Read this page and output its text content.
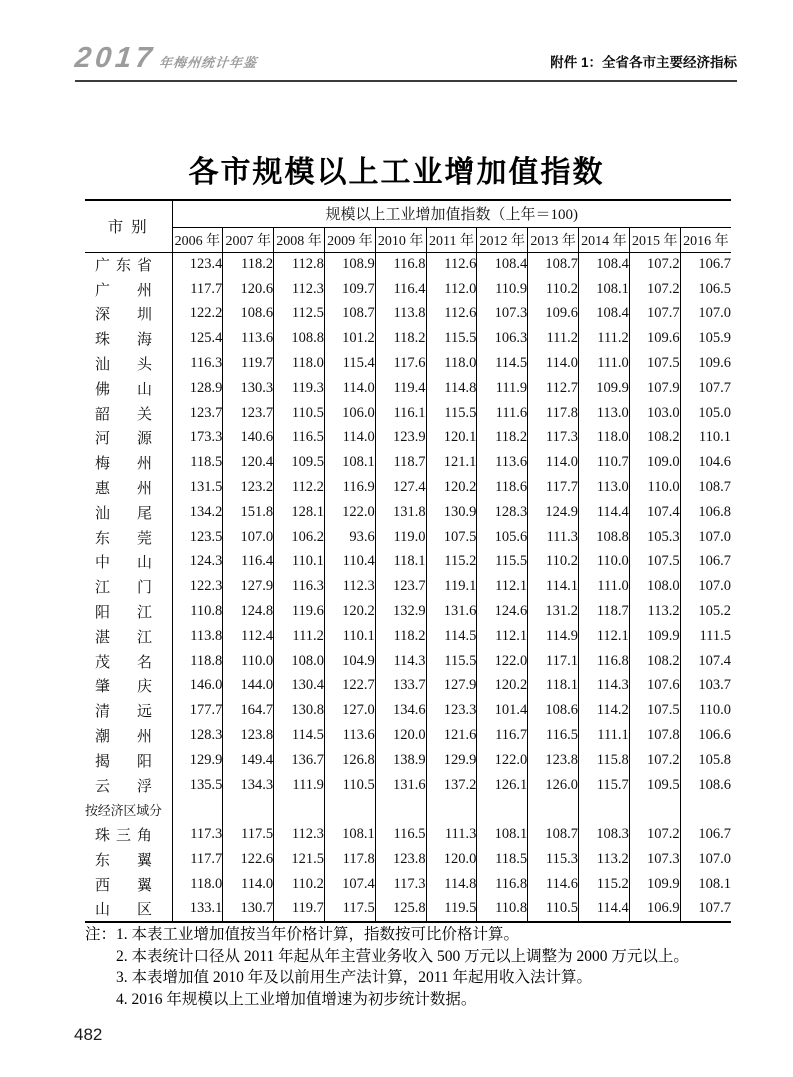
2017年梅州统计年鉴	附件 1：全省各市主要经济指标
各市规模以上工业增加值指数
市 别	规模以上工业增加值指数（上年＝100)										
	2006 年	2007 年	2008 年	2009 年	2010 年	2011 年	2012 年	2013 年	2014 年	2015 年	2016 年
广东省	123.4	118.2	112.8	108.9	116.8	112.6	108.4	108.7	108.4	107.2	106.7
广州	117.7	120.6	112.3	109.7	116.4	112.0	110.9	110.2	108.1	107.2	106.5
深圳	122.2	108.6	112.5	108.7	113.8	112.6	107.3	109.6	108.4	107.7	107.0
珠海	125.4	113.6	108.8	101.2	118.2	115.5	106.3	111.2	111.2	109.6	105.9
汕头	116.3	119.7	118.0	115.4	117.6	118.0	114.5	114.0	111.0	107.5	109.6
佛山	128.9	130.3	119.3	114.0	119.4	114.8	111.9	112.7	109.9	107.9	107.7
韶关	123.7	123.7	110.5	106.0	116.1	115.5	111.6	117.8	113.0	103.0	105.0
河源	173.3	140.6	116.5	114.0	123.9	120.1	118.2	117.3	118.0	108.2	110.1
梅州	118.5	120.4	109.5	108.1	118.7	121.1	113.6	114.0	110.7	109.0	104.6
惠州	131.5	123.2	112.2	116.9	127.4	120.2	118.6	117.7	113.0	110.0	108.7
汕尾	134.2	151.8	128.1	122.0	131.8	130.9	128.3	124.9	114.4	107.4	106.8
东莞	123.5	107.0	106.2	93.6	119.0	107.5	105.6	111.3	108.8	105.3	107.0
中山	124.3	116.4	110.1	110.4	118.1	115.2	115.5	110.2	110.0	107.5	106.7
江门	122.3	127.9	116.3	112.3	123.7	119.1	112.1	114.1	111.0	108.0	107.0
阳江	110.8	124.8	119.6	120.2	132.9	131.6	124.6	131.2	118.7	113.2	105.2
湛江	113.8	112.4	111.2	110.1	118.2	114.5	112.1	114.9	112.1	109.9	111.5
茂名	118.8	110.0	108.0	104.9	114.3	115.5	122.0	117.1	116.8	108.2	107.4
肇庆	146.0	144.0	130.4	122.7	133.7	127.9	120.2	118.1	114.3	107.6	103.7
清远	177.7	164.7	130.8	127.0	134.6	123.3	101.4	108.6	114.2	107.5	110.0
潮州	128.3	123.8	114.5	113.6	120.0	121.6	116.7	116.5	111.1	107.8	106.6
揭阳	129.9	149.4	136.7	126.8	138.9	129.9	122.0	123.8	115.8	107.2	105.8
云浮	135.5	134.3	111.9	110.5	131.6	137.2	126.1	126.0	115.7	109.5	108.6
按经济区域分											
珠三角	117.3	117.5	112.3	108.1	116.5	111.3	108.1	108.7	108.3	107.2	106.7
东翼	117.7	122.6	121.5	117.8	123.8	120.0	118.5	115.3	113.2	107.3	107.0
西翼	118.0	114.0	110.2	107.4	117.3	114.8	116.8	114.6	115.2	109.9	108.1
山区	133.1	130.7	119.7	117.5	125.8	119.5	110.8	110.5	114.4	106.9	107.7
注：1. 本表工业增加值按当年价格计算，指数按可比价格计算。
2. 本表统计口径从 2011 年起从年主营业务收入 500 万元以上调整为 2000 万元以上。
3. 本表增加值 2010 年及以前用生产法计算，2011 年起用收入法计算。
4. 2016 年规模以上工业增加值增速为初步统计数据。
482
